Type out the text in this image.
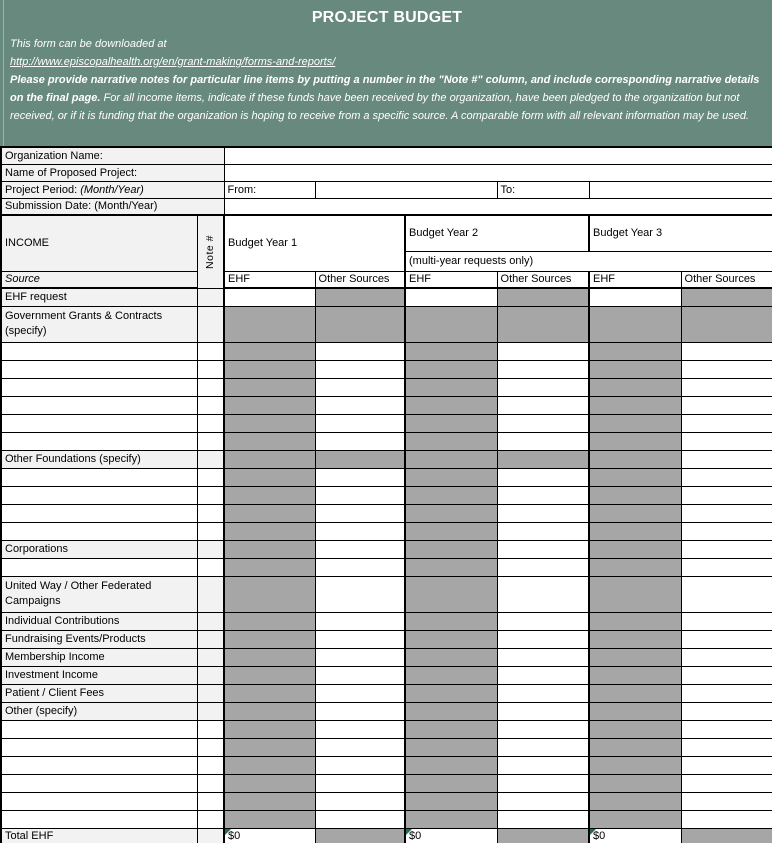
PROJECT BUDGET
This form can be downloaded at
http://www.episcopalhealth.org/en/grant-making/forms-and-reports/
Please provide narrative notes for particular line items by putting a number in the "Note #" column, and include corresponding narrative details on the final page. For all income items, indicate if these funds have been received by the organization, have been pledged to the organization but not received, or if it is funding that the organization is hoping to receive from a specific source. A comparable form with all relevant information may be used.
Organization Name:							
Name of Proposed Project:							
Project Period: (Month/Year)		From:			To:		
Submission Date: (Month/Year)							
INCOME	Note #	Budget Year 1		Budget Year 2		Budget Year 3	
				(multi-year requests only)			
Source		EHF	Other Sources	EHF	Other Sources	EHF	Other Sources
EHF request							
Government Grants & Contracts (specify)							

Other Foundations (specify)							

Corporations							

United Way / Other Federated Campaigns							
Individual Contributions							
Fundraising Events/Products							
Membership Income							
Investment Income							
Patient / Client Fees							
Other (specify)							

Total EHF		$0		$0		$0	
